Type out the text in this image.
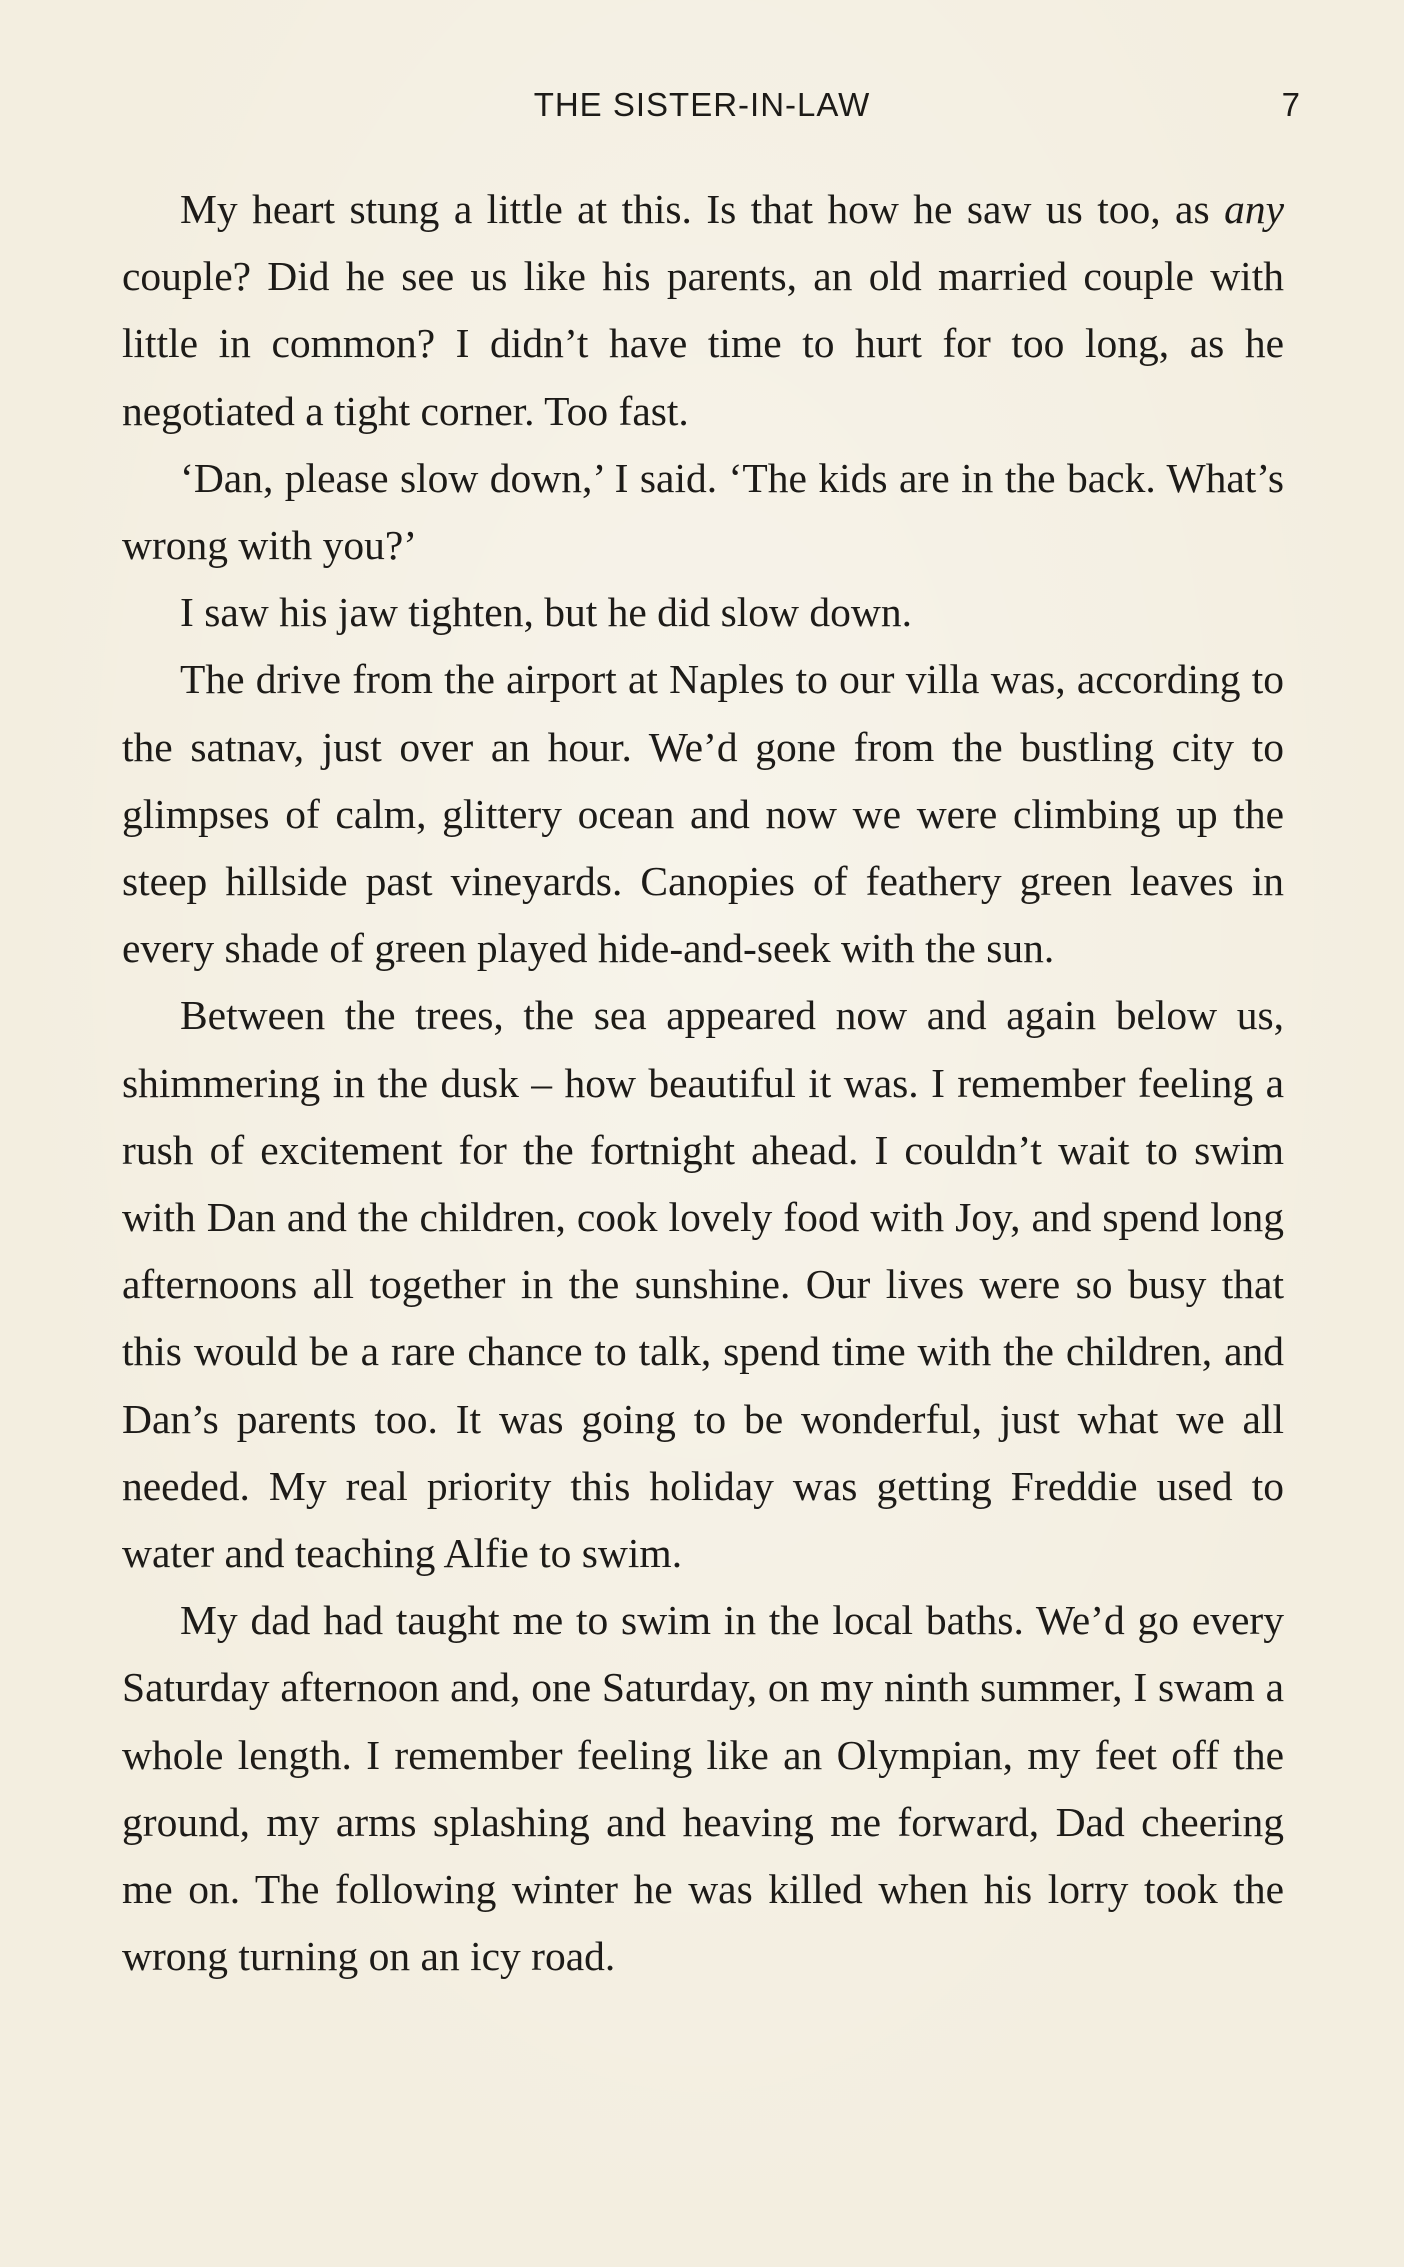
THE SISTER-IN-LAW	7

My heart stung a little at this. Is that how he saw us too, as any couple? Did he see us like his parents, an old married couple with little in common? I didn’t have time to hurt for too long, as he negotiated a tight corner. Too fast.

‘Dan, please slow down,’ I said. ‘The kids are in the back. What’s wrong with you?’

I saw his jaw tighten, but he did slow down.

The drive from the airport at Naples to our villa was, according to the satnav, just over an hour. We’d gone from the bustling city to glimpses of calm, glittery ocean and now we were climbing up the steep hillside past vineyards. Canopies of feathery green leaves in every shade of green played hide-and-seek with the sun.

Between the trees, the sea appeared now and again below us, shimmering in the dusk – how beautiful it was. I remember feeling a rush of excitement for the fortnight ahead. I couldn’t wait to swim with Dan and the children, cook lovely food with Joy, and spend long afternoons all together in the sunshine. Our lives were so busy that this would be a rare chance to talk, spend time with the children, and Dan’s parents too. It was going to be wonderful, just what we all needed. My real priority this holiday was getting Freddie used to water and teaching Alfie to swim.

My dad had taught me to swim in the local baths. We’d go every Saturday afternoon and, one Saturday, on my ninth summer, I swam a whole length. I remember feeling like an Olympian, my feet off the ground, my arms splashing and heaving me forward, Dad cheering me on. The following winter he was killed when his lorry took the wrong turning on an icy road.
